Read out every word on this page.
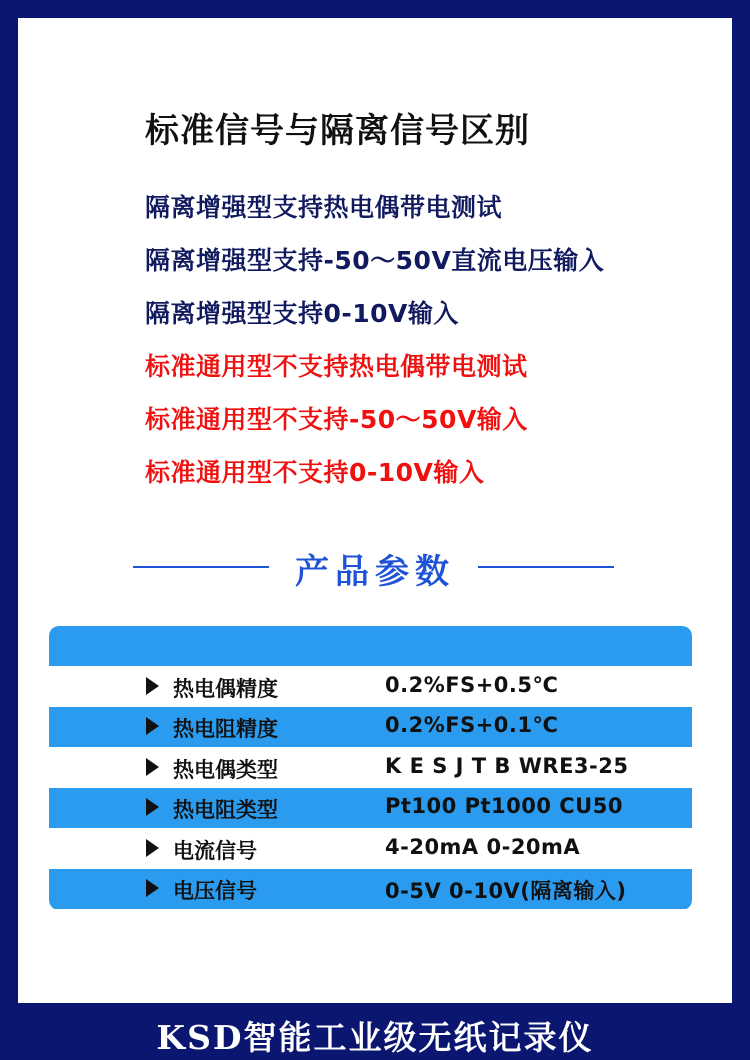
标准信号与隔离信号区别
隔离增强型支持热电偶带电测试
隔离增强型支持-50～50V直流电压输入
隔离增强型支持0-10V输入
标准通用型不支持热电偶带电测试
标准通用型不支持-50～50V输入
标准通用型不支持0-10V输入
产品参数
热电偶精度	0.2%FS+0.5℃
热电阻精度	0.2%FS+0.1℃
热电偶类型	K E S J T B WRE3-25
热电阻类型	Pt100 Pt1000 CU50
电流信号	4-20mA 0-20mA
电压信号	0-5V 0-10V(隔离输入)
KSD智能工业级无纸记录仪
